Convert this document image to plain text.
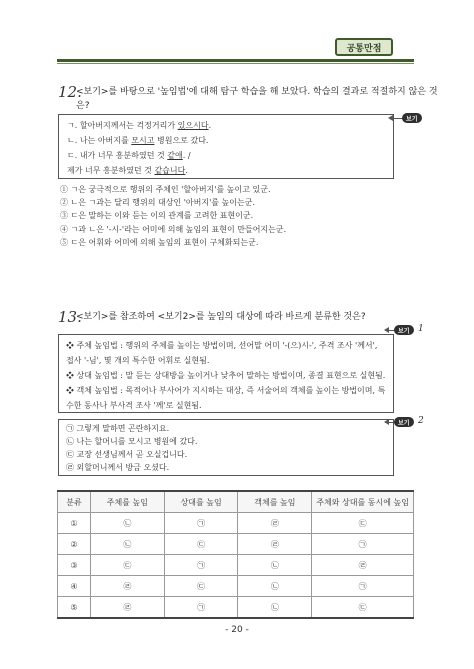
공통만점
12.
<보기>를 바탕으로 '높임법'에 대해 탐구 학습을 해 보았다. 학습의 결과로 적절하지 않은 것
은?
ㄱ. 할아버지께서는 걱정거리가 있으시다.
ㄴ. 나는 아버지를 모시고 병원으로 갔다.
ㄷ. 내가 너무 흥분하였던 것 같애. /
제가 너무 흥분하였던 것 같습니다.
보기
① ㄱ은 궁극적으로 행위의 주체인 '할아버지'를 높이고 있군.
② ㄴ은 ㄱ과는 달리 행위의 대상인 '아버지'를 높이는군.
③ ㄷ은 말하는 이와 듣는 이의 관계를 고려한 표현이군.
④ ㄱ과 ㄴ은 '-시-'라는 어미에 의해 높임의 표현이 만들어지는군.
⑤ ㄷ은 어휘와 어미에 의해 높임의 표현이 구체화되는군.
13.
<보기>를 참조하여 <보기2>를 높임의 대상에 따라 바르게 분류한 것은?
❖ 주체 높임법 : 행위의 주체를 높이는 방법이며, 선어말 어미 '-(으)시-', 주격 조사 '께서',
접사 '-님', 몇 개의 특수한 어휘로 실현됨.
❖ 상대 높임법 : 말 듣는 상대방을 높이거나 낮추어 말하는 방법이며, 종결 표현으로 실현됨.
❖ 객체 높임법 : 목적어나 부사어가 지시하는 대상, 즉 서술어의 객체를 높이는 방법이며, 특
수한 동사나 부사격 조사 '께'로 실현됨.
보기 1
㉠ 그렇게 말하면 곤란하지요.
㉡ 나는 할머니를 모시고 병원에 갔다.
㉢ 교장 선생님께서 곧 오실겁니다.
㉣ 외할머니께서 방금 오셨다.
보기 2
분류	주체를 높임	상대를 높임	객체를 높임	주체와 상대를 동시에 높임
①	㉡	㉠	㉣	㉢
②	㉡	㉢	㉣	㉠
③	㉢	㉠	㉡	㉣
④	㉣	㉢	㉡	㉠
⑤	㉣	㉠	㉡	㉢
- 20 -
